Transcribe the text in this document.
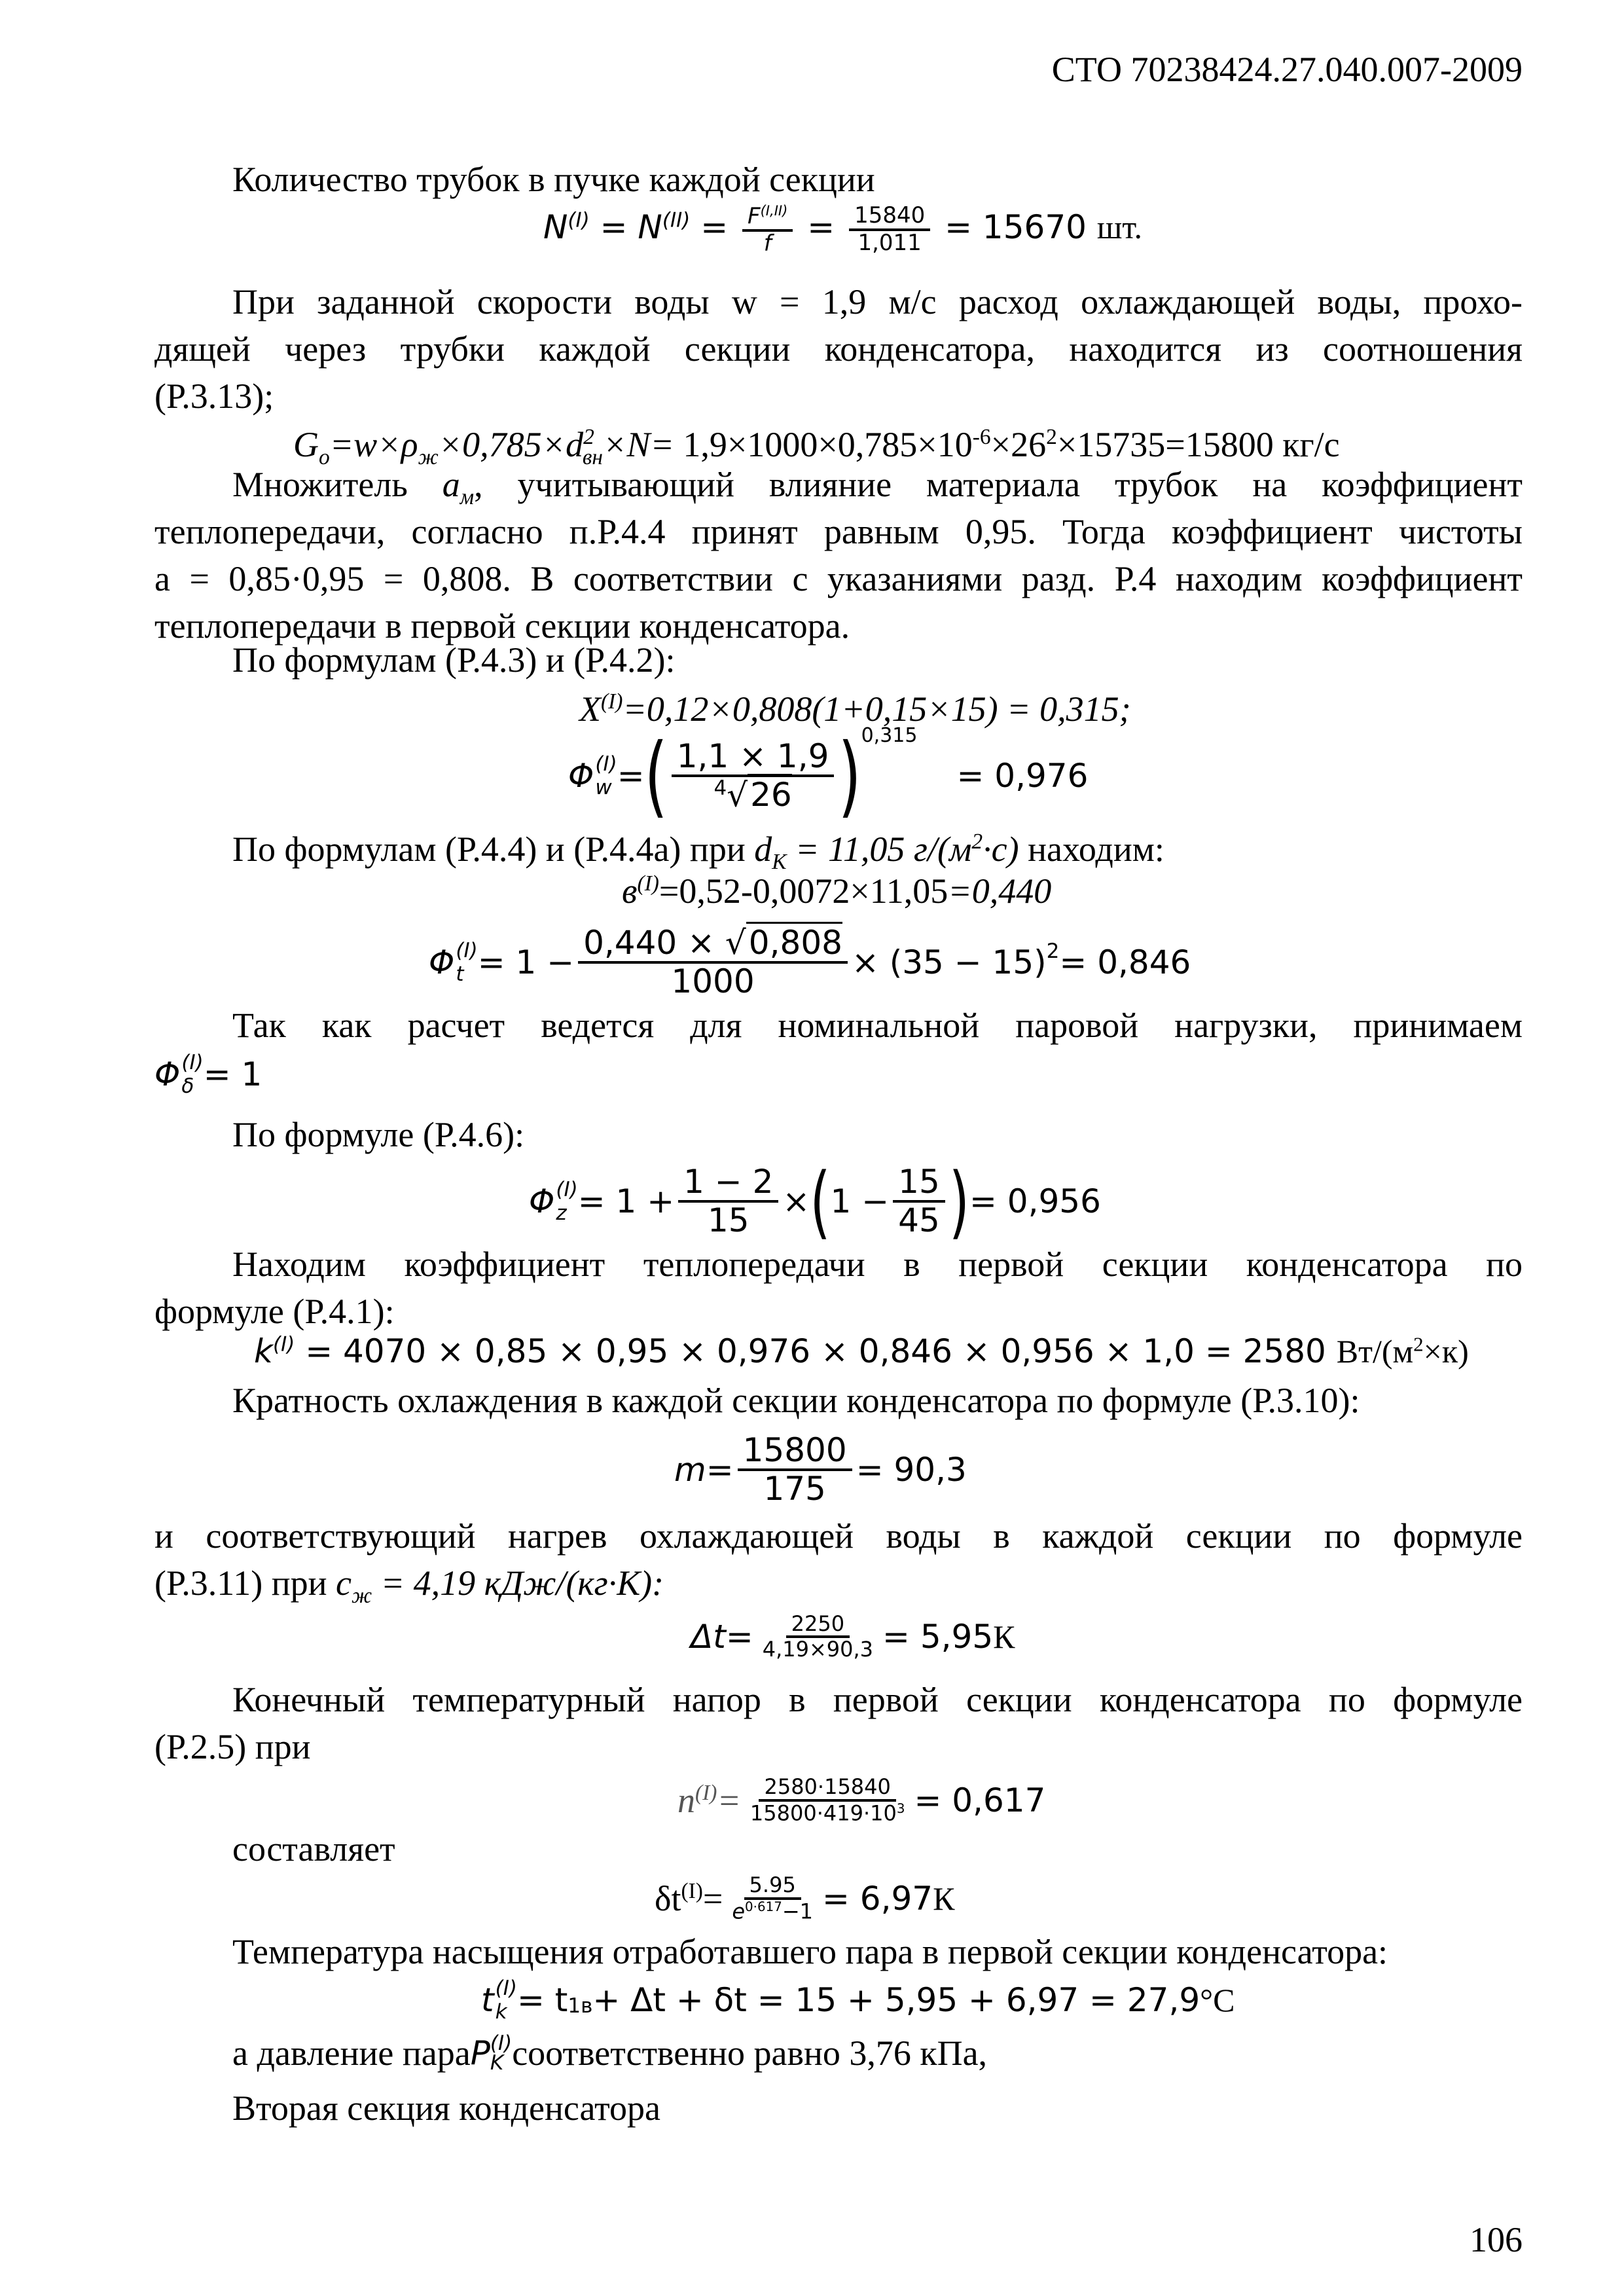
СТО 70238424.27.040.007-2009
106
Количество трубок в пучке каждой секции
$N^{(I)} = N^{(II)} = \frac{F^{(I,II)}}{f} = \frac{15840}{1,011} = 15670$ шт.
При заданной скорости воды w = 1,9 м/с расход охлаждающей воды, прохо-
дящей через трубки каждой секции конденсатора, находится из соотношения
(Р.3.13);
$G_o=w\times\rho_ж\times 0,785\times d^2_{вн}\times N= 1,9\times 1000\times 0,785\times 10^{-6}\times 26^2\times 15735=15800$ кг/с
Множитель $а_м$, учитывающий влияние материала трубок на коэффициент
теплопередачи, согласно п.Р.4.4 принят равным 0,95. Тогда коэффициент чистоты
а = 0,85·0,95 = 0,808. В соответствии с указаниями разд. Р.4 находим коэффициент
теплопередачи в первой секции конденсатора.
По формулам (Р.4.3) и (Р.4.2):
$X^{(I)}=0,12\times 0,808(1+0,15\times 15) = 0,315$;
Φ (I)
w = ( $\frac{1,1 \times 1,9}{^4√26}$ ) 0,315
= 0,976
По формулам (Р.4.4) и (Р.4.4а) при $d_К = 11,05$ $г/(м^2\cdot с)$ находим:
$в^{(I)}=0,52-0,0072\times 11,05=0,440$
Φ (I)
$t = 1 - \frac{0,440 \times √0,808}{1000} \times (35 - 15) 2 = 0,846$
Так как расчет ведется для номинальной паровой нагрузки, принимаем
Φ (I)
δ = 1
По формуле (Р.4.6):
Φ (I)
$z = 1 + \frac{1 - 2}{15}$ × ( $1 - \frac{15}{45}$ ) = 0,956
Находим коэффициент теплопередачи в первой секции конденсатора по
формуле (Р.4.1):
$k^{(I)} = 4070 \times 0,85 \times 0,95 \times 0,976 \times 0,846 \times 0,956 \times 1,0 = 2580$ $Вт/(м^2\times к)$
Кратность охлаждения в каждой секции конденсатора по формуле (Р.3.10):
$m = \frac{15800}{175} = 90,3$
и соответствующий нагрев охлаждающей воды в каждой секции по формуле
(Р.3.11) при $с_ж = 4,19$ кДж/(кг·К):
$\Delta t = \frac{2250}{4,19\times 90,3} = 5,95$ К
Конечный температурный напор в первой секции конденсатора по формуле
(Р.2.5) при
$n^{(I)}= \frac{2580\cdot 15840}{15800\cdot 419\cdot 10^3} = 0,617$
составляет
$\delta t^{(I)}= \frac{5.95}{e^{0\cdot 617}-1} = 6,97$ К
Температура насыщения отработавшего пара в первой секции конденсатора:
t (I)
k = t 1в + Δt + δt = 15 + 5,95 + 6,97 = 27,9 °С
а давление пара P (I)
K соответственно равно 3,76 кПа,
Вторая секция конденсатора
